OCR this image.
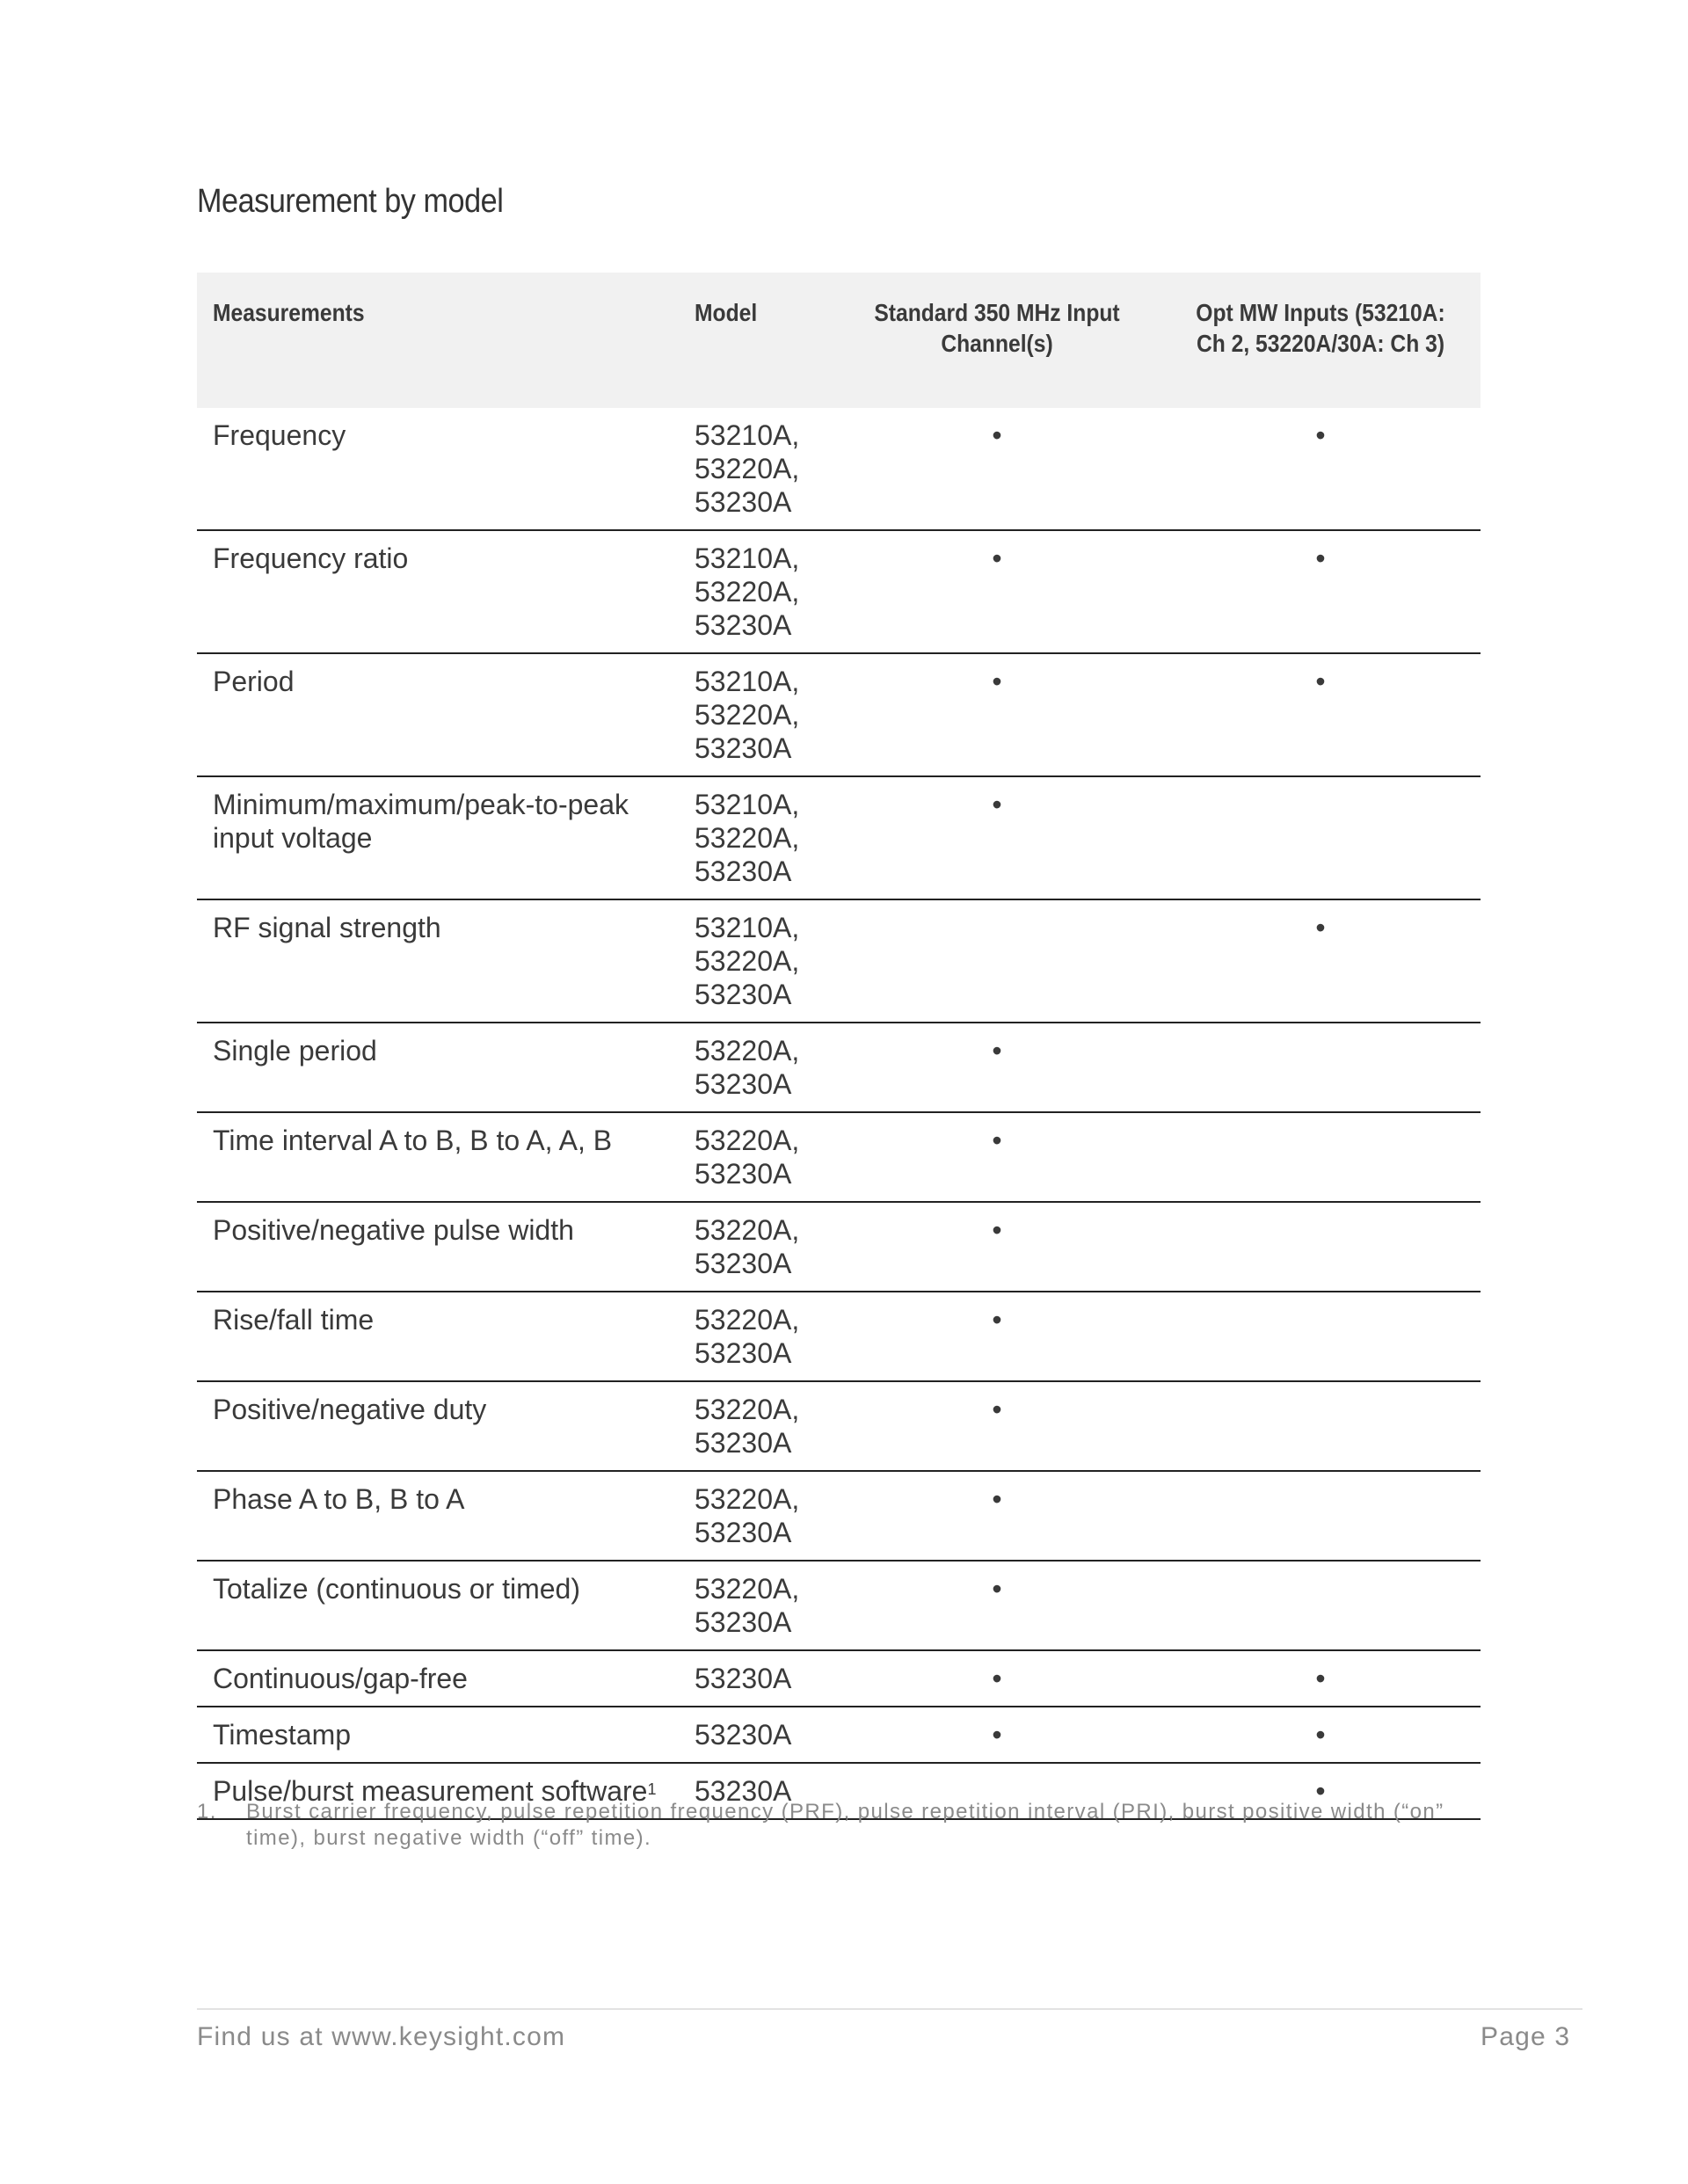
Measurement by model
Measurements	Model	Standard 350 MHz Input Channel(s)	Opt MW Inputs (53210A: Ch 2, 53220A/30A: Ch 3)
Frequency	53210A,
53220A,
53230A	•	•
Frequency ratio	53210A,
53220A,
53230A	•	•
Period	53210A,
53220A,
53230A	•	•
Minimum/maximum/peak-to-peak input voltage	53210A,
53220A,
53230A	•	
RF signal strength	53210A,
53220A,
53230A		•
Single period	53220A,
53230A	•	
Time interval A to B, B to A, A, B	53220A,
53230A	•	
Positive/negative pulse width	53220A,
53230A	•	
Rise/fall time	53220A,
53230A	•	
Positive/negative duty	53220A,
53230A	•	
Phase A to B, B to A	53220A,
53230A	•	
Totalize (continuous or timed)	53220A,
53230A	•	
Continuous/gap-free	53230A	•	•
Timestamp	53230A	•	•
Pulse/burst measurement software$^1$	53230A		•
1. Burst carrier frequency, pulse repetition frequency (PRF), pulse repetition interval (PRI), burst positive width (“on” time), burst negative width (“off” time).
Find us at www.keysight.com	Page 3
